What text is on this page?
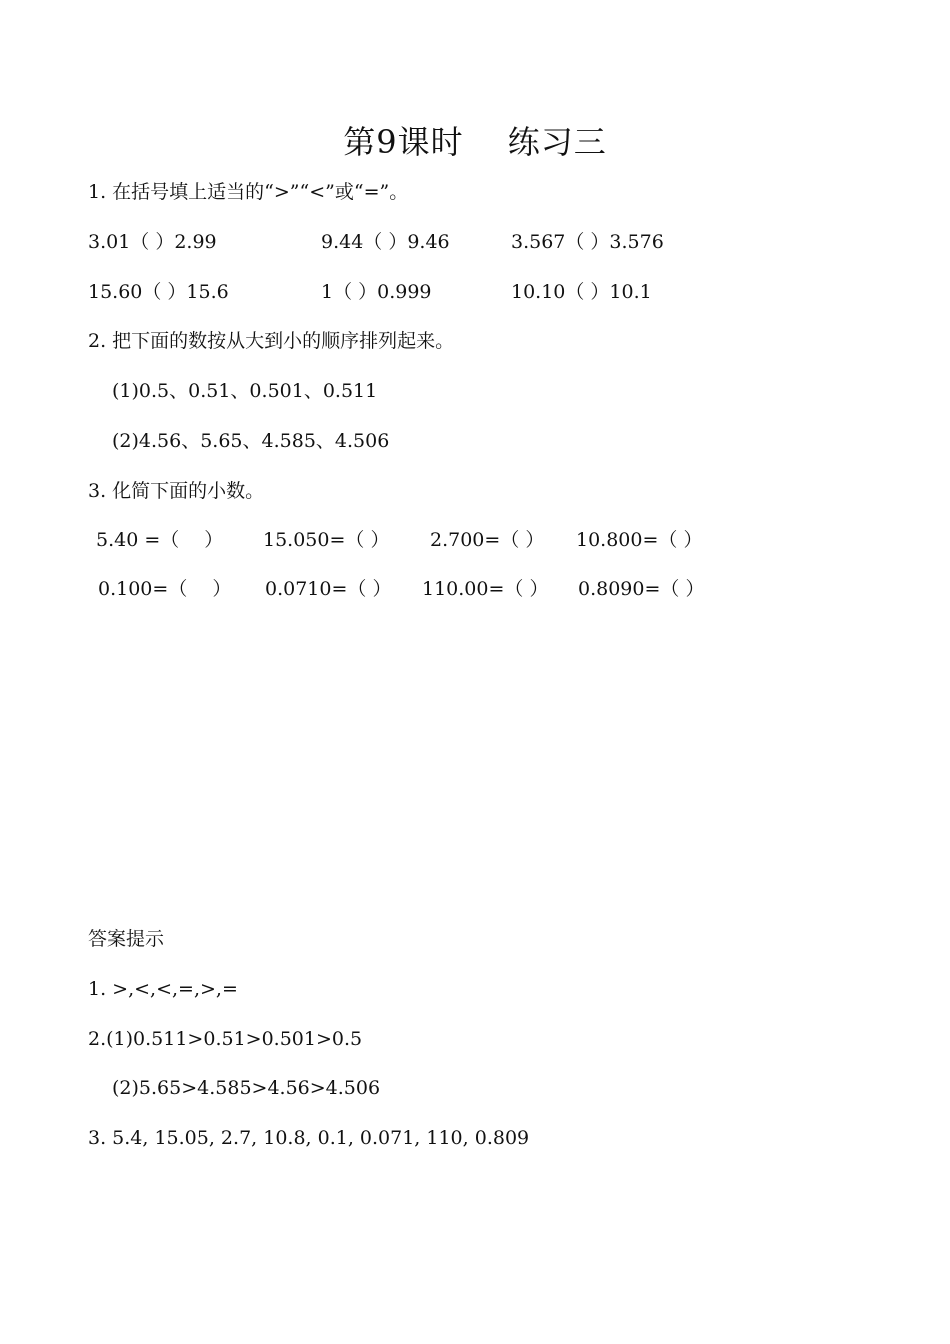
第9课时　 练习三
1. 在括号填上适当的“>”“<”或“=”。
3.01（ ）2.99	9.44（ ）9.46	3.567（ ）3.576
15.60（ ）15.6	1（ ）0.999	10.10（ ）10.1
2. 把下面的数按从大到小的顺序排列起来。
(1)0.5、0.51、0.501、0.511
(2)4.56、5.65、4.585、4.506
3. 化简下面的小数。
5.40 =（　 ） 15.050=（ ） 2.700=（ ） 10.800=（ ）
0.100=（　 ） 0.0710=（ ） 110.00=（ ） 0.8090=（ ）
答案提示
1. >,<,<,=,>,=
2.(1)0.511>0.51>0.501>0.5
(2)5.65>4.585>4.56>4.506
3. 5.4, 15.05, 2.7, 10.8, 0.1, 0.071, 110, 0.809
